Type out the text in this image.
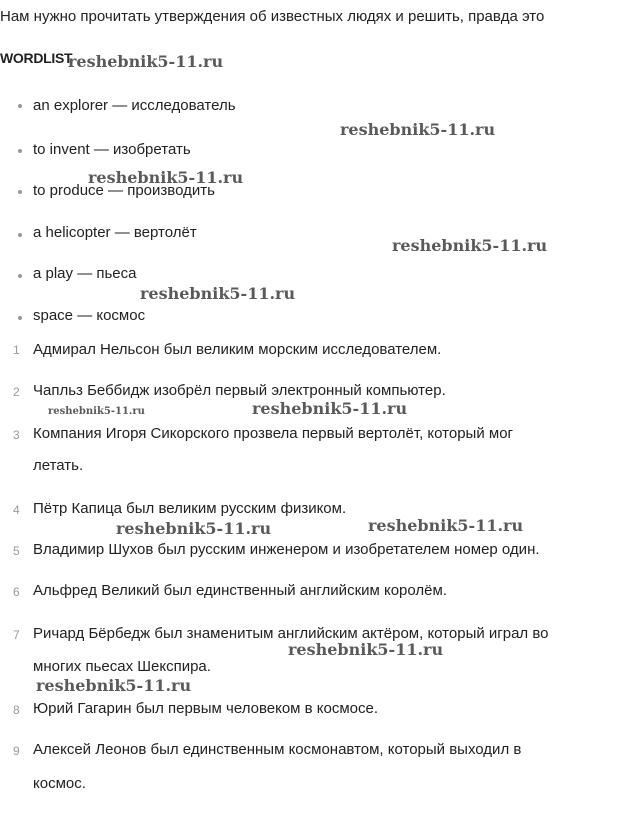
Нам нужно прочитать утверждения об известных людях и решить, правда это
WORDLIST
an explorer — исследователь
to invent — изобретать
to produce — производить
a helicopter — вертолёт
a play — пьеса
space — космос
1 Адмирал Нельсон был великим морским исследователем.
2 Чапльз Беббидж изобрёл первый электронный компьютер.
3 Компания Игоря Сикорского прозвела первый вертолёт, который мог
летать.
4 Пётр Капица был великим русским физиком.
5 Владимир Шухов был русским инженером и изобретателем номер один.
6 Альфред Великий был единственный английским королём.
7 Ричард Бёрбедж был знаменитым английским актёром, который играл во
многих пьесах Шекспира.
8 Юрий Гагарин был первым человеком в космосе.
9 Алексей Леонов был единственным космонавтом, который выходил в
космос.
reshebnik5-11.ru
reshebnik5-11.ru
reshebnik5-11.ru
reshebnik5-11.ru
reshebnik5-11.ru
reshebnik5-11.ru	reshebnik5-11.ru
reshebnik5-11.ru	reshebnik5-11.ru
reshebnik5-11.ru
reshebnik5-11.ru
